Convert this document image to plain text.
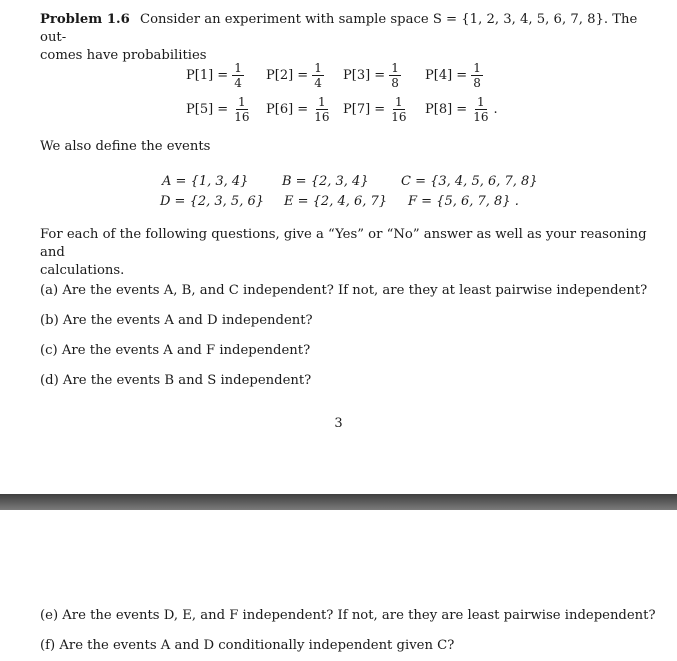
Problem 1.6 Consider an experiment with sample space S = {1, 2, 3, 4, 5, 6, 7, 8}. The out-
comes have probabilities
$P[1] = \frac{1}{4} P[2] = \frac{1}{4} P[3] = \frac{1}{8} P[4] = \frac{1}{8}$
$P[5] = \frac{1}{16} P[6] = \frac{1}{16} P[7] = \frac{1}{16} P[8] = \frac{1}{16}$ .
We also define the events
A = {1, 3, 4}	B = {2, 3, 4} C = {3, 4, 5, 6, 7, 8}
D = {2, 3, 5, 6} E = {2, 4, 6, 7} F = {5, 6, 7, 8} .
For each of the following questions, give a “Yes” or “No” answer as well as your reasoning and
calculations.
(a) Are the events A, B, and C independent? If not, are they at least pairwise independent?
(b) Are the events A and D independent?
(c) Are the events A and F independent?
(d) Are the events B and S independent?
3
(e) Are the events D, E, and F independent? If not, are they are least pairwise independent?
(f) Are the events A and D conditionally independent given C?
